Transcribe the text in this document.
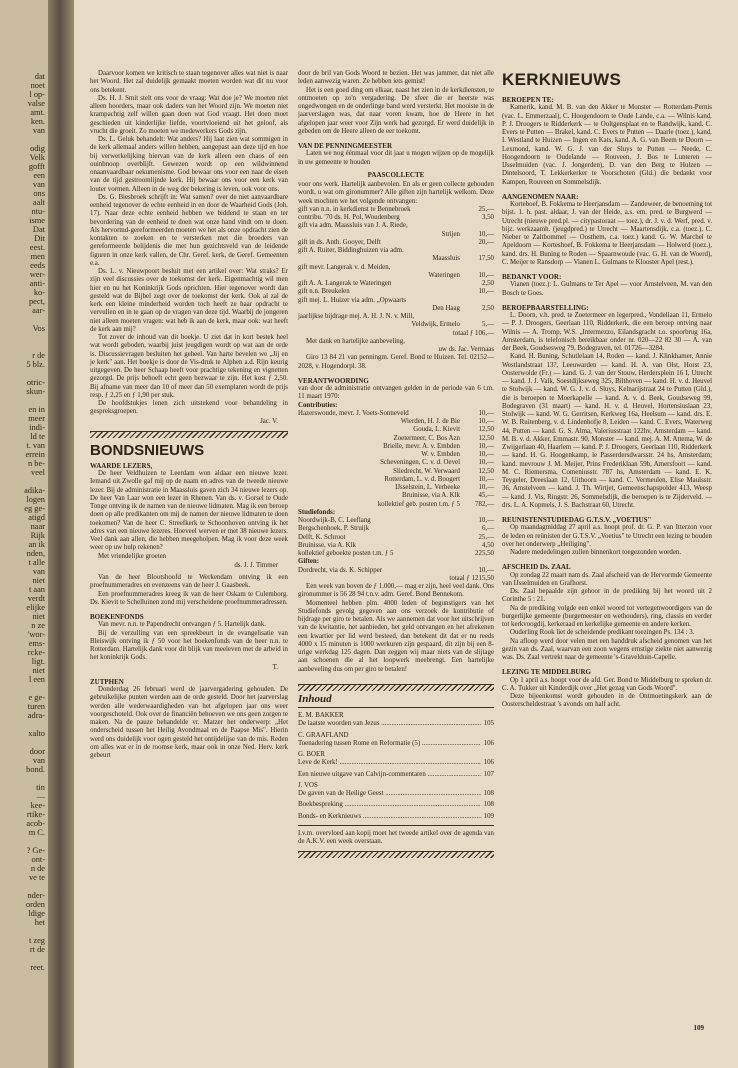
dat
noet
l op-
valse
amt.
ken.
van
odig
Velk
gofft
een
van
ons
aalt
ntu-
isme
Dat
Dit
eest.
men
eeds
wer-
anti-
ko-
pect,
aar-
Vos
r de
5 blz.
otric-
skun-
en in
meer
indi-
ld te
t. van
errein
n be-
veel
adika-
logen
eg ge-
atigd
naar
Rijk
an ik
nden,
t alle
van
niet
t aan
verdt
elijke
niet
n ze
'wor-
ems-
rcke-
ligt.
niet
l een
e ge-
turen
adra-
xalto
door
van
bond.
tin
—
kee-
rtike-
acob-
m C.
? Ge-
ont-
n de
ve te
nder-
orden
ldige
het
t zeg
rt de
reet.

Daarvoor komen we kritisch te staan tegenover alles wat niet is naar het Woord. Het zal duidelijk gemaakt moeten worden wat dit nu voor ons betekent.

Ds. H. J. Smit stelt ons voor de vraag: Wat doe je? We moeten niet alleen hoorders, maar ook daders van het Woord zijn. We moeten niet krampachtig zelf willen gaan doen wat God vraagt. Het doen moet geschieden uit kinderlijke liefde, voortvloeiend uit het geloof, als vrucht die groeit. Zo moeten we medewerkers Gods zijn.

Ds. L. Geluk behandelt: Wat anders? Hij laat zien wat sommigen in de kerk allemaal anders willen hebben, aangepast aan deze tijd en hoe bij verwerkelijking hiervan van de kerk alleen een chaos of een ouinbnoop overblijft. Gewezen wordt op een wildwinnend onaanvaardbaar oekumenisme. God bewaar ons voor een naar de eisen van de tijd gestroomlijnde kerk. Hij bewaar ons voor een kerk van louter vormen. Alleen in de weg der bekering is leven, ook voor ons.

Ds. G. Biesbroek schrijft in: Wat samen? over de niet aanvaardbare eenheid tegenover de echte eenheid in en door de Waarheid Gods (Joh. 17). Naar deze echte eenheid hebben we biddend te staan en ter bevordering van de eenheid te doen wat onze hand vindt om te doen. Als hervormd-gereformeerden moeten we het als onze opdracht zien de kontakten te zoeken en te versterken met die broeders van gereformeerde belijdenis die met hun gezichtsveld van de leidende figuren in onze kerk vallen, de Chr. Geref. kerk, de Geref. Gemeenten e.a.

Ds. L. v. Nieuwpoort besluit met een artikel over: Wat straks? Er zijn veel discussies over de toekomst der kerk. Eigenmachtig wil men hier en nu het Koninkrijk Gods oprichten. Hier tegenover wordt dan gesteld wat de Bijbel zegt over de toekomst der kerk. Ook al zal de kerk een kleine minderheid worden toch heeft ze haar opdracht te vervullen en in te gaan op de vragen van deze tijd. Waarbij de jongeren niet alleen moeten vragen: wat heb ik aan de kerk, maar ook: wat heeft de kerk aan mij?

Tot zover de inhoud van dit boekje. U ziet dat in kort bestek heel wat wordt geboden, waarbij juist jeugdigen wordt op wat aan de orde is. Discussievragen besluiten het geheel. Van harte bevelen we „Jij en je kerk" aan. Het boekje is door de Vis-druk te Alphen a.d. Rijn keurig uitgegeven. De heer Schaap heeft voor prachtige tekening en vignetten gezorgd. De prijs behoeft echt geen bezwaar te zijn. Het kost ƒ 2,50. Bij afname van meer dan 10 of meer dan 50 exemplaren wordt de prijs resp. ƒ 2,25 en ƒ 1,90 per stuk.

De hoofdstukjes lenen zich uitstekend voor behandeling in gespreksgroepen.

Jac. V.
BONDSNIEUWS
WAARDE LEZERS,

De heer Veldhuizen te Leerdam won aldaar een nieuwe lezer. Iemand uit Zwolle gaf mij op de naam en adres van de tweede nieuwe lezer. Bij de administratie in Maassluis gaven zich 34 nieuwe lezers op. De heer Van Laar won een lezer in Rhenen. Van ds. v. Gorsel te Oude Tonge ontving ik de namen van de nieuwe lidmaten. Mag ik een beroep doen op alle predikanten om mij de namen der nieuwe lidmaten te doen toekomen? Van de heer C. Streefkerk te Schoonhoven ontving ik het adres van een nieuwe lezeres. Hoeveel werven er met 38 nieuwe lezers. Veel dank aan allen, die hebben meegeholpen. Mag ik voor deze week weer op uw hulp rekenen?

Met vriendelijke groeten

ds. J. J. Timmer

Van de heer Blootshoofd te Werkendam ontving ik een proefnummeradres en evenzeens van de heer J. Gaasbeek.

Een proefnummeradres kreeg ik van de heer Oskam te Culemborg. Ds. Kievit te Schelluinen zond mij verscheidene proefnummeradressen.

BOEKENFONDS

Van mevr. n.n. te Papendrecht ontvangen ƒ 5. Hartelijk dank.

Bij de verzulling van een spreekbeurt in de evangelisatie van Bleiswijk ontving ik ƒ 50 voor het boekenfonds van de heer n.n. te Rotterdam. Hartelijk dank voor dit blijk van meeleven met de arbeid in het koninkrijk Gods.

T.
ZUTPHEN

Donderdag 26 februari werd de jaarvergadering gehouden. De gebruikelijke punten werden aan de orde gesteld. Door het jaarverslag werden alle wederwaardigheden van het afgelopen jaar ons weer voorgeschoteld. Ook over de financiën behoeven we ons geen zorgen te maken. Na de pauze behandelde vr. Matzer het onderwerp: „Het onderscheid tussen het Heilig Avondmaal en de Paapse Mis". Hierin werd ons duidelijk voor ogen gesteld het ontijdelijse van de mis. Reden om alles wat er in de roomse kerk, maar ook in onze Ned. Herv. kerk gebeurt

door de bril van Gods Woord te bezien. Het was jammer, dat niet alle leden aanwezig waren. Ze hebben iets gemist!

Het is een goed ding om elkaar, naast het zien in de kerkdiensten, te ontmoeten op zo'n vergadering. De sfeer die er heerste was ongedwongen en de onderlinge band werd versterkt. Het mooiste in de jaarverslagen was, dat naar voren kwam, hoe de Heere in het afgelopen jaar weer voor Zijn werk had gezorgd. Er werd duidelijk in gebeden om de Heere alleen de eer toekomt.

VAN DE PENNINGMEESTER

Laten we nog éénmaal voor dit jaar u mogen wijzen op de mogelijk in uw gemeente te houden

PAASCOLLECTE

voor ons werk. Hartelijk aanbevolen. En als er geen collecte gehouden wordt, u wat om gironummer? Alle giften zijn hartelijk welkom. Deze week mochten we het volgende ontvangen:

gift van n.n. in kerkdienst te Bennebroek	25,—
contribu. '70 ds. H. Pol, Woudenberg	3,50
gift via adm. Maassluis van J. A. Riede,	
Strijen	10,—
gift in ds. Anth. Gooyer, Delft	20,—
gift A. Ruiter, Biddinghuizen via adm.	
Maassluis	17,50
gift mevr. Langerak v. d. Meiden,	
Wateringen	10,—
gift A. A. Langerak te Wateringen	2,50
gift n.n. Breukelen	10,—
gift mej. L. Huizer via adm. „Opwaarts	
Den Haag	2,50
jaarlijkse bijdrage mej. A. H. J. N. v. Mill,	
Veldwijk, Ermelo	5,—
totaal ƒ 106,—

Met dank en hartelijke aanbeveling,

uw ds. Jac. Vermaas

Giro 13 84 21 van penningm. Geref. Bond te Huizen. Tel. 02152—2028, v. Hogendorpl. 38.

VERANTWOORDING

van door de administratie ontvangen gelden in de periode van 6 t.m. 11 maart 1970:

Contributies:
Hazerswoude, mevr. J. Voets-Sonneveld	10,—
Wierden, H. J. de Bie	10,—
Gouda, L. Kievit	12,50
Zoetermeer, C. Bos Azn	12,50
Brielle, mevr. A. v. Embden	10,—
W. v. Embden	10,—
Scheveningen, C. v. d. Oevel	10,—
Sliedrecht, W. Verwaard	12,50
Rotterdam, L. v. d. Boogert	10,—
IJsselstein, L. Verbeeke	10,—
Bruinisse, via A. Klk	45,—
kollektief geb. posten t.m. ƒ 5	782,—
Studiefonds:
Noordwijk-B, C. Leeflang	10,—
Bergschenhoek, P. Struijk	6,—
Delft, K. Schroot	25,—
Bruinisse, via A. Klk	4,50
kollektief geboekte posten t.m. ƒ 5	225,50
Giften:
Dordrecht, via ds. K. Schipper	10,—
totaal ƒ 1215,50

Een week van boven de ƒ 1.000,— mag er zijn, heel veel dank. Ons gironummer is 56 28 94 t.n.v. adm. Geref. Bond Bennekom.

Momenteel hebben plm. 4000 leden of begunstigers van het Studiefonds gevolg gegeven aan ons verzoek de kontributie of bijdrage per giro te betalen. Als we aannemen dat voor het uitschrijven van de kwitantie, het aanbieden, het geld ontvangen en het afrekenen een kwartier per lid werd besteed, dan betekent dit dat er nu reeds 4000 x 15 minuten is 1000 werkuren zijn gespaard, dit zijn bij een 8-urige werkdag 125 dagen. Dan zeggen wij maar niets van de slijtage aan schoenen die al het loopwerk meebrengt. Een hartelijke aanbeveling dus om per giro te betalen!

Inhoud
E. M. BAKKER
De laatste woorden van Jezus .....	105
C. GRAAFLAND
Toenadering tussen Rome en Reformatie (5) .....	106
G. BOER
Leve de Kerk! .....	106
Een nieuwe uitgave van Calvijn-commentaren .....	107
J. VOS
De gaven van de Heilige Geest .....	108
Boekbespreking .....	108
Bonds- en Kerknieuws .....	109

I.v.m. overvloed aan kopij moet het tweede artikel over de agenda van de A.K.V. een week overstaan.

KERKNIEUWS
BEROEPEN TE:

Kamerik, kand. M. B. van den Akker te Monster — Rotterdam-Pernis (vac. L. Emmerzaal), C. Hoogendoorn te Oude Lande, c.a. — Wilnis kand. P. J. Droogers te Ridderkerk — te Ooltgensplaat en te Randwijk, kand. C. Evers te Putten — Brakel, kand. C. Evers te Putten — Daarle (toez.), kand. I. Westland te Huizen — Ingen en Kats, kand. A. G. van Beem te Doorn — Lexmond, kand. W. G. J. van der Sluys te Putten — Neede, C. Hoogendoorn te Oudelande — Rouveen, J. Bos te Lunteren — IJsselmuiden (vac. J. Jongerden), D. van den Berg te Hulzen — Dintelsoord, T. Lekkerkerker te Voorschoten (Gld.) die bedankt voor Kampen, Rouveen en Sommelsdijk.

AANGENOMEN NAAR:

Korteboef, B. Fokkema te Heerjansdam — Zandeweer, de benoeming tot bijst. 1. h. past. aldaar, J. van der Heide, a.s. em. pred. te Burgwerd — Utrecht (nieuwe pred.pl. — citypastoraat — toez.), dr. J. v. d. Werf, pred. v. bijz. werkzaamh. (jeugdpred.) te Utrecht — Maartensdijk, c.a. (toez.), C. Nieber te Zaltbommel — Oosthem, c.a. toez.) kand. G. W. Marchel te Apeldoorn — Korteshoef, B. Fokkema te Heerjansdam — Holwerd (toez.), kand. drs. H. Buning te Roden — Spaarnwoude (vac. G. H. van de Woerd), C. Meijer te Ransdorp — Vianen L. Gulmans te Klooster Apel (rest.).

BEDANKT VOOR:

Vianen (toez.): L. Gulmans te Ter Apel — voor Amstelveen, M. van den Bosch te Goes.

BEROEPBAARSTELLING:

L. Doorn, v.h. pred. te Zoetermeer en legerpred., Vondellaan 11, Ermelo — P. J. Droogers, Geerlaan 110, Ridderkerk, die een beroep ontving naar Wilnis — A. Tromp, W.S. „Intermezzo, Eilandsgracht t.o. spoorbrug 16a, Amsterdam, is telefonisch bereikbaar onder nr. 020—22 82 30 — A. van der Beek, Goudsesweg 79, Bodegraven, tel. 01726—3284.

Kand. H. Buning, Schutlelaan 14, Roden — kand. J. Klinkhamer, Annie Westlandstraat 13?, Leeuwarden — kand. H. A. van Olst, Horst 23, Oosterwolde (Fr.) — kand. G. J. van der Stouw, Herdersplein 16 I, Utrecht — kand. J. J. Valk, Soestdijkseweg 325, Bilthoven — kand. H. v. d. Heuvel te Stolwijk — kand. W. G. J. v. d. Sluys, Kelnarijstraat 24 te Putten (Gld.), die is beroepen te Moerkapelle — kand. A. v. d. Beek, Goudseweg 99, Bodegraven (31 maart) — kand. H. v. d. Heuvel, Hortensiuslaan 23, Stolwijk — kand. W. G. Gerritsen, Kerkweg 16a, Heelsum — kand. drs. E. W. B. Ruitenberg, v. d. Lindenhofje 8, Leiden — kand. C. Evers, Waterweg 44, Putten — kand. G. S. Alma, Valeriusstraat 122hv, Amsterdam — kand. M. B. v. d. Akker, Emmastr. 90, Monster — kand. mej. A. M. Attema, W. de Zwijgerlaan 40, Haarlem — kand. P. J. Droogers, Geerlaan 110, Ridderkerk — kand. H. G. Hoogenkamp, le Passerdersdwarsstr. 24 hs, Amsterdam; kand. mevrouw J. M. Meijer, Prins Frederiklaan 59b, Amersfoort — kand. M. C. Riemersma, Comeniusstr. 787 hs, Amsterdam — kand. E. K. Teygeler, Dreeslaan 12, Uithoorn — kand. C. Vermeulen, Elise Maulsstr. 36, Amstelveen — kand. J. Th. Wirtjet, Gemeenschapspolder 413, Weesp — kand. J. Vis, Ringstr. 26, Sommelsdijk, die beroepen is te Zijderveld. — drs. L. A. Kopmels, J. S. Bachstraat 60, Utrecht.

REUNISTENSTUDIEDAG G.T.S.V. „VOETIUS"

Op maandagmiddag 27 april a.s. hoopt prof. dr. G. P. van Itterzon voor de leden en reünisten der G.T.S.V. „Voetius" te Utrecht een lezing te houden over het onderwerp „Heiliging".

Nadere mededelingen zullen binnenkort toegezonden worden.

AFSCHEID Ds. ZAAL

Op zondag 22 maart nam ds. Zaal afscheid van de Hervormde Gemeente van IJsselmuiden en Grafhorst.

Ds. Zaal bepaalde zijn gehoor in de prediking bij het woord uit 2 Corinthe 5 : 21.

Na de prediking volgde een enkel woord tot vertegenwoordigers van de burgerlijke gemeente (burgemeester en wethouders), ring, classis en verder tot kerkvoogdij, kerkeraad en kerkelijke gemeente en andere kerken.

Ouderling Rook liet de scheidende predikant toezingen Ps. 134 : 3.

Na afloop werd door velen met een handdruk afscheid genomen van het gezin van ds. Zaal, waarvan een zoon wegens ernstige ziekte niet aanwezig was. Ds. Zaal vertrekt naar de gemeente 's-Gravelduin-Capelle.

LEZING TE MIDDELBURG

Op 1 april a.s. hoopt voor de afd. Ger. Bond te Middelburg te spreken dr. C. A. Tukker uit Kinderdijk over „Het gezag van Gods Woord".

Deze bijeenkomst wordt gehouden in de Ontmoetingskerk aan de Oosterscheldestraat 's avonds om half acht.

109
